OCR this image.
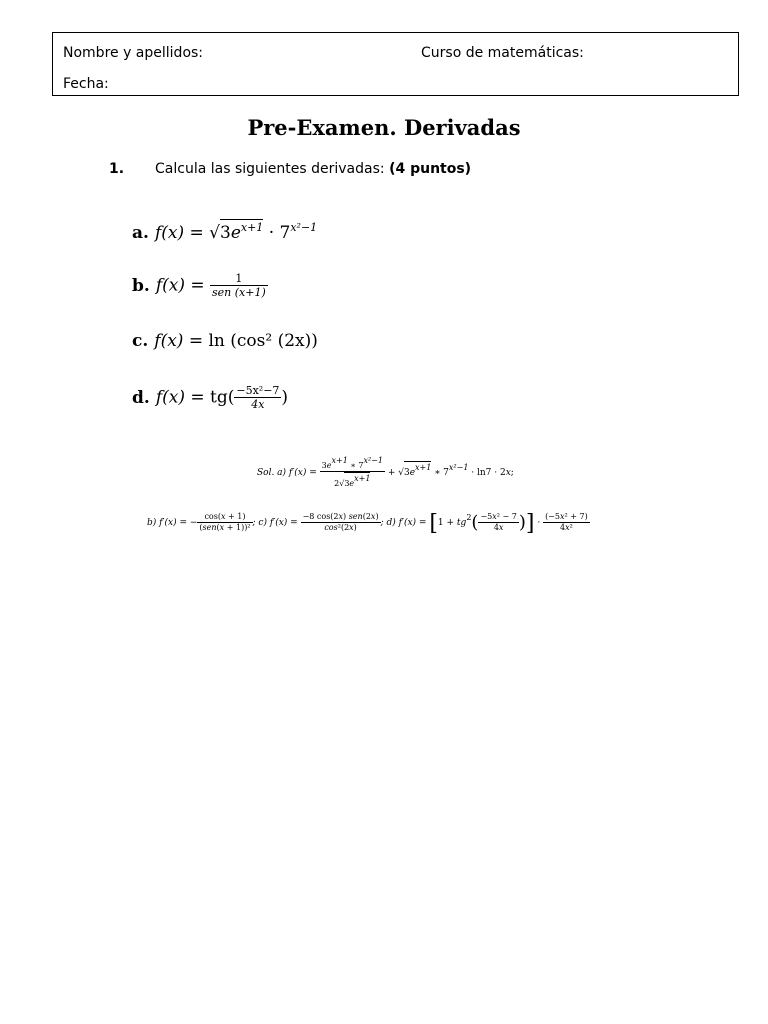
Nombre y apellidos:	Curso de matemáticas:
Fecha:
Pre-Examen. Derivadas
1. Calcula las siguientes derivadas: (4 puntos)
a. $f(x) = √3e^{x+1} \cdot 7^{x^2-1}$
b. $f(x) = \frac{1}{\text{sen (x+1)}}$
c. f(x) = ln (cos² (2x))
d. $f(x) = tg( \frac{\text{−5x²−7}}{4x}$ )
Sol. a) $f'(x) = \frac{\text{3ex+1 ∗ 7x²−1}}{2√3ex+1} + √3ex+1$ ∗ 7x²−1 · ln7 · 2x;
b) f′(x) = − $\frac{\cos(x + 1)}{\text{(sen(x + 1))²}}$ ; c) $f'(x) = \frac{\text{−8 cos(2x) sen(2x)}}{\text{cos²(2x)}}$ ; d) $f'(x) = [1 + tg2( \frac{\text{−5x² − 7}}{4x}$ )] · $\frac{\text{(−5x² + 7)}}{\text{4x²}}$
